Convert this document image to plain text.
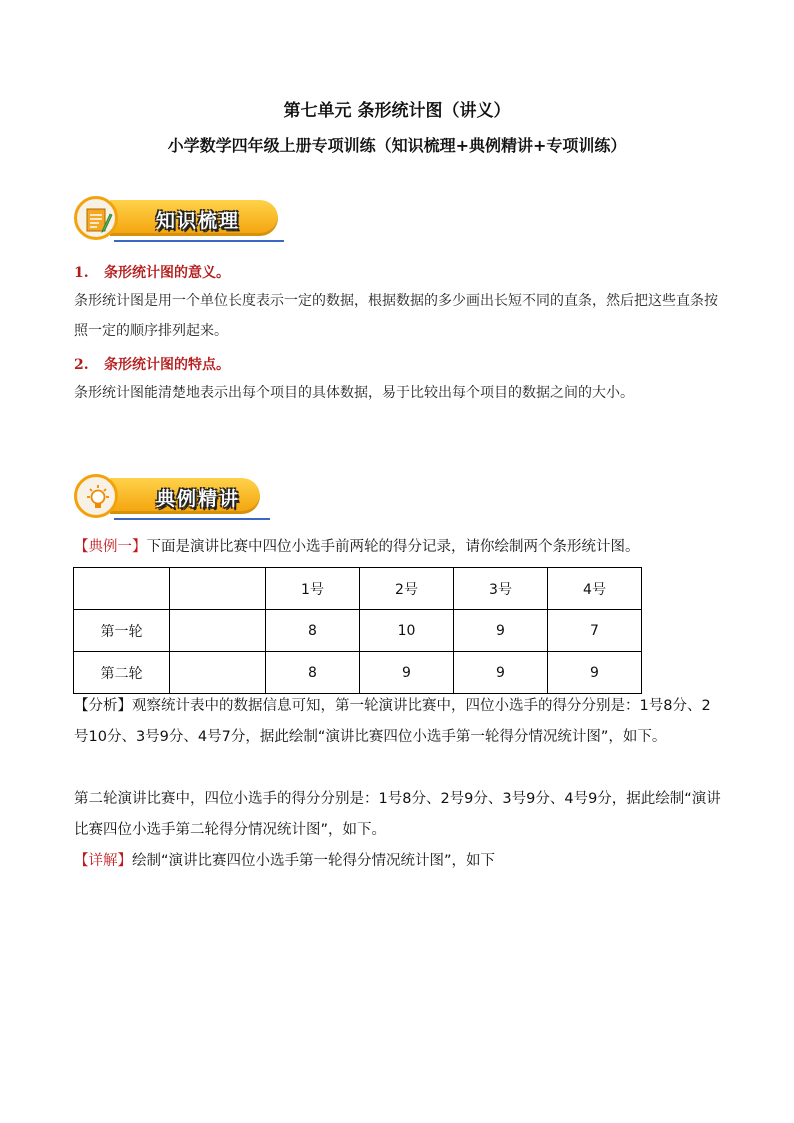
第七单元 条形统计图（讲义）
小学数学四年级上册专项训练（知识梳理+典例精讲+专项训练）
知识梳理
1. 条形统计图的意义。
条形统计图是用一个单位长度表示一定的数据，根据数据的多少画出长短不同的直条，然后把这些直条按照一定的顺序排列起来。
2. 条形统计图的特点。
条形统计图能清楚地表示出每个项目的具体数据，易于比较出每个项目的数据之间的大小。
典例精讲
【典例一】下面是演讲比赛中四位小选手前两轮的得分记录，请你绘制两个条形统计图。
		1号	2号	3号	4号
第一轮		8	10	9	7
第二轮		8	9	9	9
【分析】观察统计表中的数据信息可知，第一轮演讲比赛中，四位小选手的得分分别是：1号8分、2号10分、3号9分、4号7分，据此绘制“演讲比赛四位小选手第一轮得分情况统计图”，如下。
第二轮演讲比赛中，四位小选手的得分分别是：1号8分、2号9分、3号9分、4号9分，据此绘制“演讲比赛四位小选手第二轮得分情况统计图”，如下。
【详解】绘制“演讲比赛四位小选手第一轮得分情况统计图”，如下
